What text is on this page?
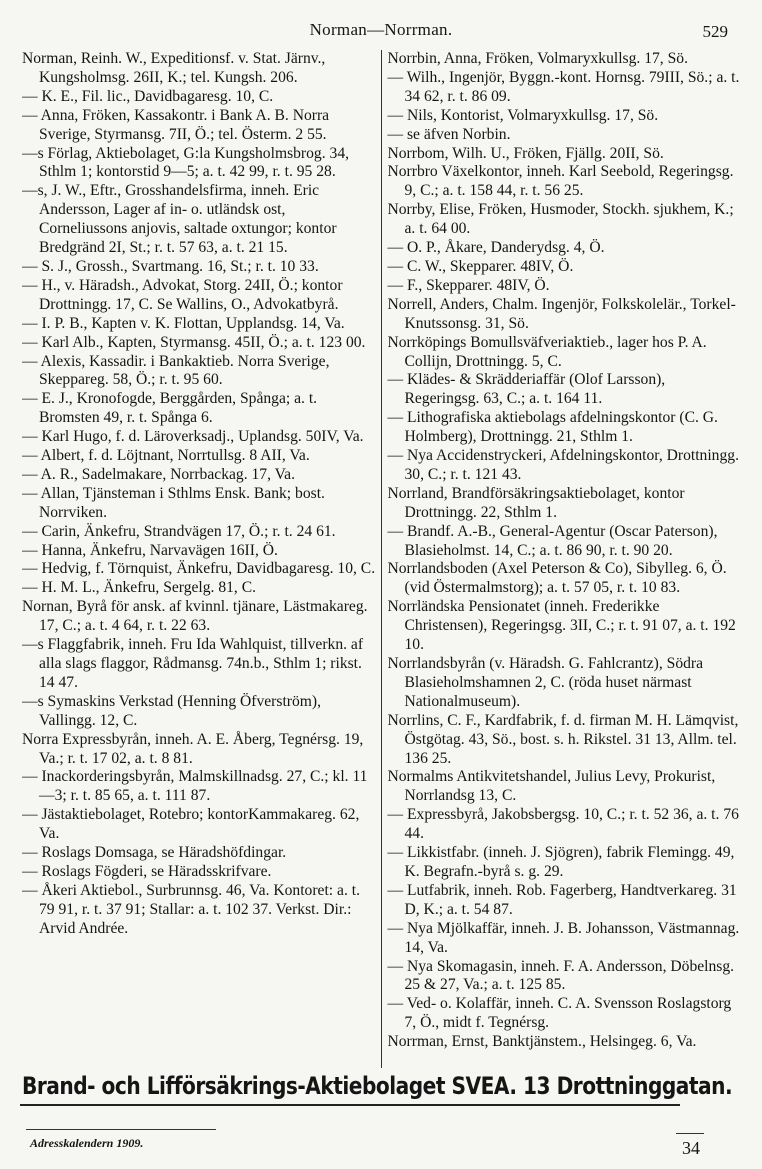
Norman—Norrman.	529

Norman, Reinh. W., Expeditionsf. v. Stat. Järnv., Kungsholmsg. 26II, K.; tel. Kungsh. 206.

— K. E., Fil. lic., Davidbagaresg. 10, C.

— Anna, Fröken, Kassakontr. i Bank A. B. Norra Sverige, Styrmansg. 7II, Ö.; tel. Österm. 2 55.

—s Förlag, Aktiebolaget, G:la Kungsholmsbrog. 34, Sthlm 1; kontorstid 9—5; a. t. 42 99, r. t. 95 28.

—s, J. W., Eftr., Grosshandelsfirma, inneh. Eric Andersson, Lager af in- o. utländsk ost, Corneliussons anjovis, saltade oxtungor; kontor Bredgränd 2I, St.; r. t. 57 63, a. t. 21 15.

— S. J., Grossh., Svartmang. 16, St.; r. t. 10 33.

— H., v. Häradsh., Advokat, Storg. 24II, Ö.; kontor Drottningg. 17, C. Se Wallins, O., Advokatbyrå.

— I. P. B., Kapten v. K. Flottan, Upplandsg. 14, Va.

— Karl Alb., Kapten, Styrmansg. 45II, Ö.; a. t. 123 00.

— Alexis, Kassadir. i Bankaktieb. Norra Sverige, Skeppareg. 58, Ö.; r. t. 95 60.

— E. J., Kronofogde, Berggården, Spånga; a. t. Bromsten 49, r. t. Spånga 6.

— Karl Hugo, f. d. Läroverksadj., Uplandsg. 50IV, Va.

— Albert, f. d. Löjtnant, Norrtullsg. 8 AII, Va.

— A. R., Sadelmakare, Norrbackag. 17, Va.

— Allan, Tjänsteman i Sthlms Ensk. Bank; bost. Norrviken.

— Carin, Änkefru, Strandvägen 17, Ö.; r. t. 24 61.

— Hanna, Änkefru, Narvavägen 16II, Ö.

— Hedvig, f. Törnquist, Änkefru, Davidbagaresg. 10, C.

— H. M. L., Änkefru, Sergelg. 81, C.

Nornan, Byrå för ansk. af kvinnl. tjänare, Lästmakareg. 17, C.; a. t. 4 64, r. t. 22 63.

—s Flaggfabrik, inneh. Fru Ida Wahlquist, tillverkn. af alla slags flaggor, Rådmansg. 74n.b., Sthlm 1; rikst. 14 47.

—s Symaskins Verkstad (Henning Öfverström), Vallingg. 12, C.

Norra Expressbyrån, inneh. A. E. Åberg, Tegnérsg. 19, Va.; r. t. 17 02, a. t. 8 81.

— Inackorderingsbyrån, Malmskillnadsg. 27, C.; kl. 11—3; r. t. 85 65, a. t. 111 87.

— Jästaktiebolaget, Rotebro; kontorKammakareg. 62, Va.

— Roslags Domsaga, se Häradshöfdingar.

— Roslags Fögderi, se Häradsskrifvare.

— Åkeri Aktiebol., Surbrunnsg. 46, Va. Kontoret: a. t. 79 91, r. t. 37 91; Stallar: a. t. 102 37. Verkst. Dir.: Arvid Andrée.

Norrbin, Anna, Fröken, Volmaryxkullsg. 17, Sö.

— Wilh., Ingenjör, Byggn.-kont. Hornsg. 79III, Sö.; a. t. 34 62, r. t. 86 09.

— Nils, Kontorist, Volmaryxkullsg. 17, Sö.

— se äfven Norbin.

Norrbom, Wilh. U., Fröken, Fjällg. 20II, Sö.

Norrbro Växelkontor, inneh. Karl Seebold, Regeringsg. 9, C.; a. t. 158 44, r. t. 56 25.

Norrby, Elise, Fröken, Husmoder, Stockh. sjukhem, K.; a. t. 64 00.

— O. P., Åkare, Danderydsg. 4, Ö.

— C. W., Skepparег. 48IV, Ö.

— F., Skepparег. 48IV, Ö.

Norrell, Anders, Chalm. Ingenjör, Folkskolelär., Torkel-Knutssonsg. 31, Sö.

Norrköpings Bomullsväfveriaktieb., lager hos P. A. Collijn, Drottningg. 5, C.

— Klädes- & Skrädderiaffär (Olof Larsson), Regeringsg. 63, C.; a. t. 164 11.

— Lithografiska aktiebolags afdelningskontor (C. G. Holmberg), Drottningg. 21, Sthlm 1.

— Nya Accidenstryckeri, Afdelningskontor, Drottningg. 30, C.; r. t. 121 43.

Norrland, Brandförsäkringsaktiebolaget, kontor Drottningg. 22, Sthlm 1.

— Brandf. A.-B., General-Agentur (Oscar Paterson), Blasieholmst. 14, C.; a. t. 86 90, r. t. 90 20.

Norrlandsboden (Axel Peterson & Co), Sibylleg. 6, Ö. (vid Östermalmstorg); a. t. 57 05, r. t. 10 83.

Norrländska Pensionatet (inneh. Frederikke Christensen), Regeringsg. 3II, C.; r. t. 91 07, a. t. 192 10.

Norrlandsbyrån (v. Häradsh. G. Fahlcrantz), Södra Blasieholmshamnen 2, C. (röda huset närmast Nationalmuseum).

Norrlins, C. F., Kardfabrik, f. d. firman M. H. Lämqvist, Östgötag. 43, Sö., bost. s. h. Rikstel. 31 13, Allm. tel. 136 25.

Normalms Antikvitetshandel, Julius Levy, Prokurist, Norrlandsg 13, C.

— Expressbyrå, Jakobsbergsg. 10, C.; r. t. 52 36, a. t. 76 44.

— Likkistfabr. (inneh. J. Sjögren), fabrik Flemingg. 49, K. Begrafn.-byrå s. g. 29.

— Lutfabrik, inneh. Rob. Fagerberg, Handtverkareg. 31 D, K.; a. t. 54 87.

— Nya Mjölkaffär, inneh. J. B. Johansson, Västmannag. 14, Va.

— Nya Skomagasin, inneh. F. A. Andersson, Döbelnsg. 25 & 27, Va.; a. t. 125 85.

— Ved- o. Kolaffär, inneh. C. A. Svensson Roslagstorg 7, Ö., midt f. Tegnérsg.

Norrman, Ernst, Banktjänstem., Helsingeg. 6, Va.

Brand- och Lifförsäkrings-Aktiebolaget SVEA. 13 Drottninggatan.
Adresskalendern 1909.	34
